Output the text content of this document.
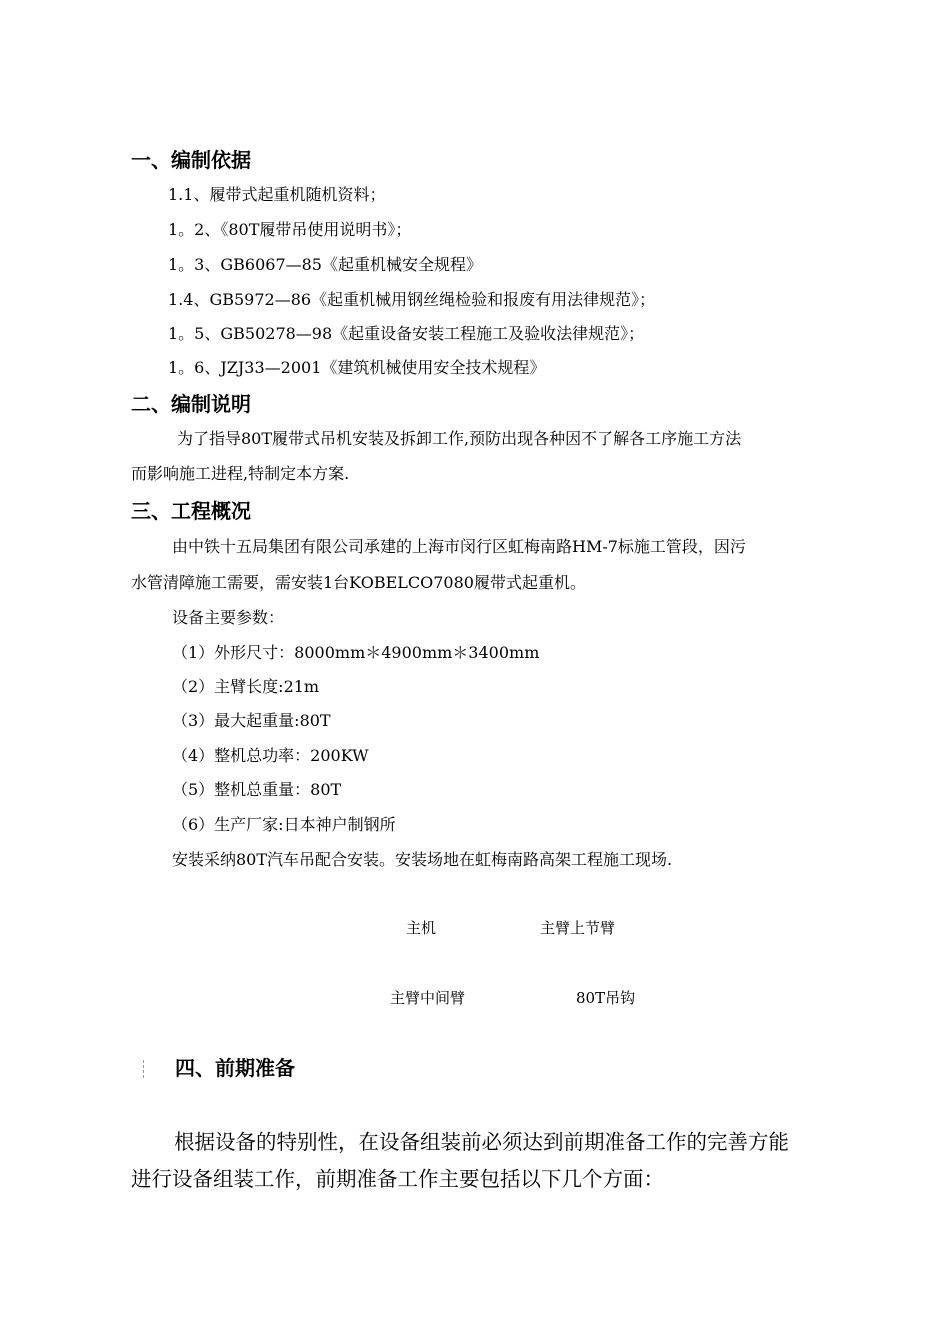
一、编制依据
1.1、履带式起重机随机资料；
1。2、《80T履带吊使用说明书》；
1。3、GB6067—85《起重机械安全规程》
1.4、GB5972—86《起重机械用钢丝绳检验和报废有用法律规范》；
1。5、GB50278—98《起重设备安装工程施工及验收法律规范》；
1。6、JZJ33—2001《建筑机械使用安全技术规程》
二、编制说明
为了指导80T履带式吊机安装及拆卸工作,预防出现各种因不了解各工序施工方法
而影响施工进程,特制定本方案.
三、工程概况
由中铁十五局集团有限公司承建的上海市闵行区虹梅南路HM-7标施工管段，因污
水管清障施工需要，需安装1台KOBELCO7080履带式起重机。
设备主要参数：
（1）外形尺寸：8000mm＊4900mm＊3400mm
（2）主臂长度:21m
（3）最大起重量:80T
（4）整机总功率：200KW
（5）整机总重量：80T
（6）生产厂家:日本神户制钢所
安装采纳80T汽车吊配合安装。安装场地在虹梅南路高架工程施工现场.
主机	主臂上节臂
主臂中间臂	80T吊钩
四、前期准备
根据设备的特别性，在设备组装前必须达到前期准备工作的完善方能
进行设备组装工作，前期准备工作主要包括以下几个方面：
